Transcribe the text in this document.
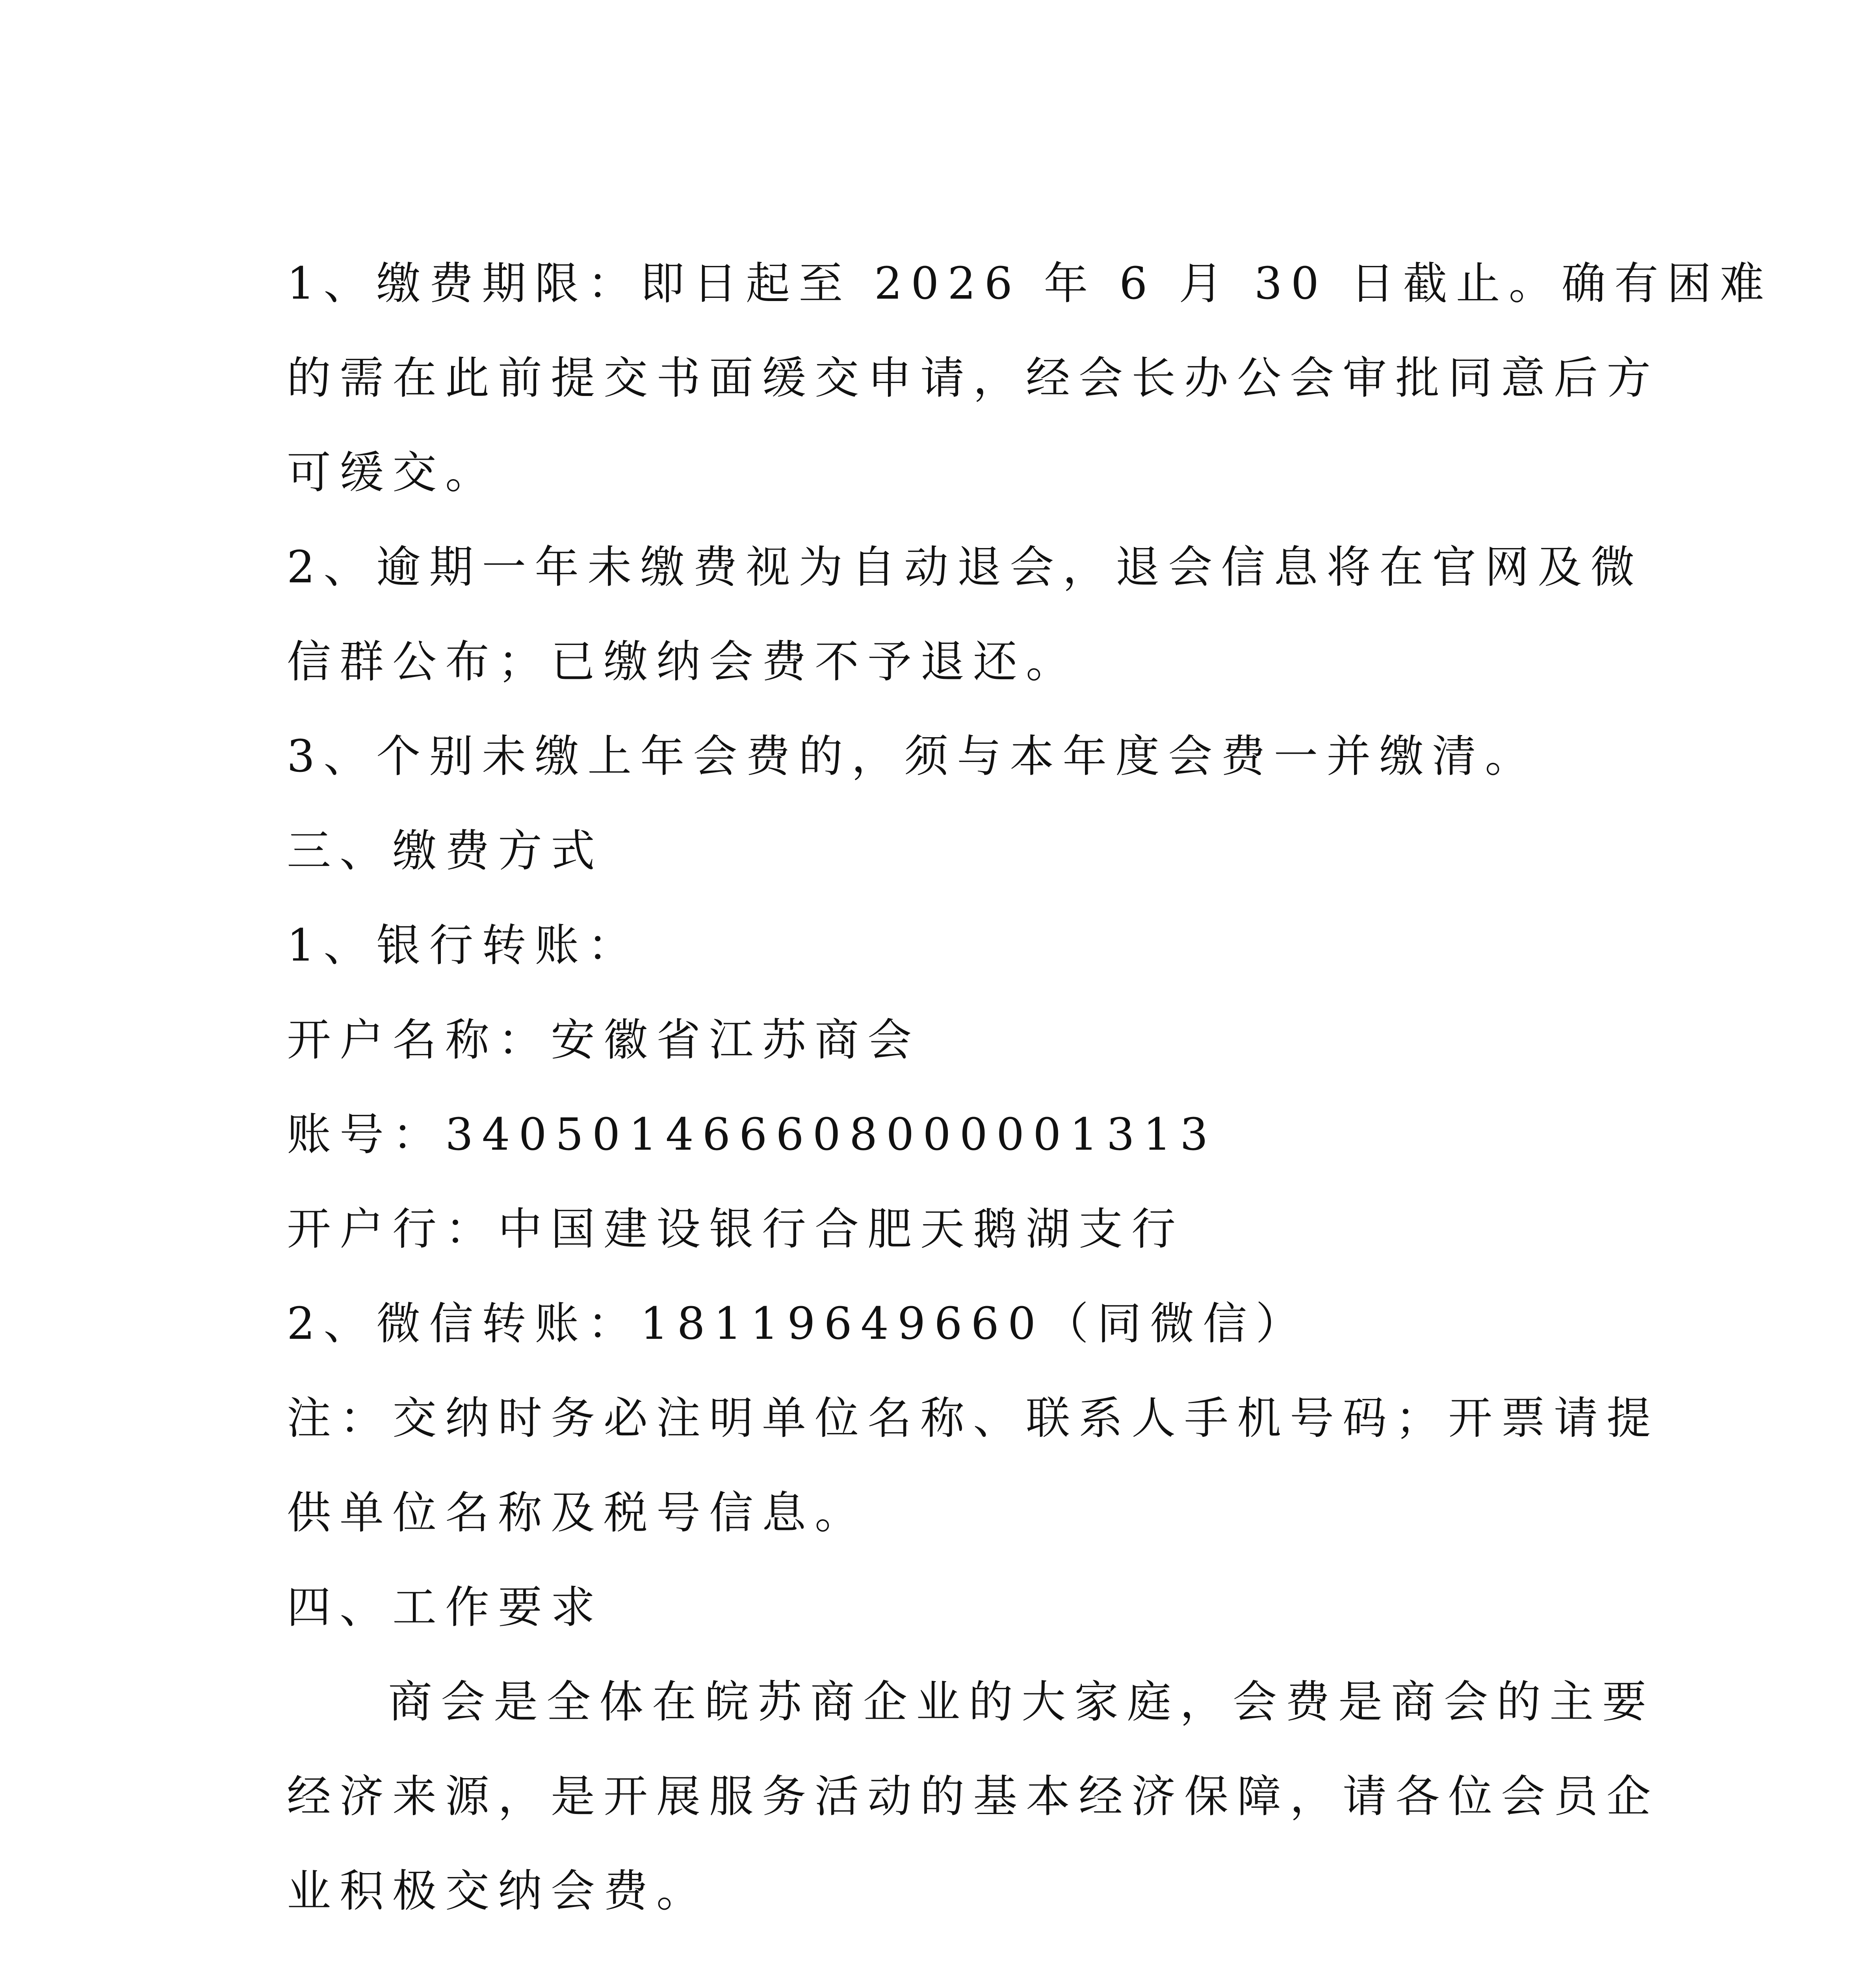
1、缴费期限：即日起至 2026 年 6 月 30 日截止。确有困难
的需在此前提交书面缓交申请，经会长办公会审批同意后方
可缓交。
2、逾期一年未缴费视为自动退会，退会信息将在官网及微
信群公布；已缴纳会费不予退还。
3、个别未缴上年会费的，须与本年度会费一并缴清。
三、缴费方式
1、银行转账：
开户名称：安徽省江苏商会
账号：340501466608000001313
开户行：中国建设银行合肥天鹅湖支行
2、微信转账：18119649660（同微信）
注：交纳时务必注明单位名称、联系人手机号码；开票请提
供单位名称及税号信息。
四、工作要求
商会是全体在皖苏商企业的大家庭，会费是商会的主要
经济来源，是开展服务活动的基本经济保障，请各位会员企
业积极交纳会费。
